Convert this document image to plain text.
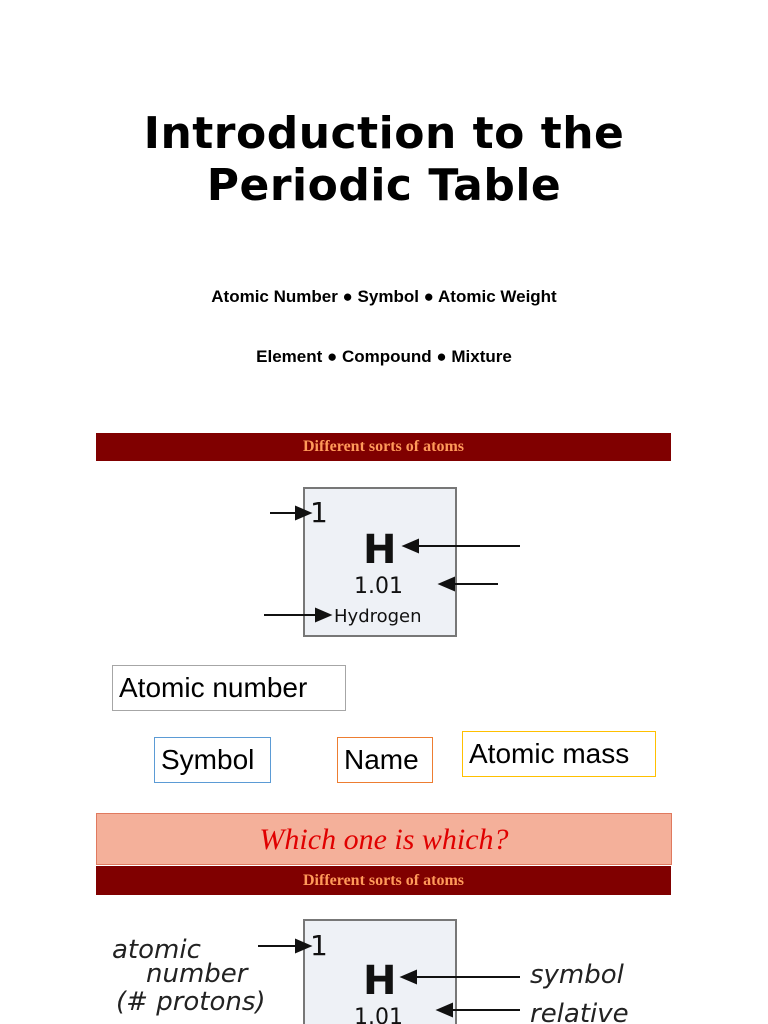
Introduction to the
Periodic Table
Atomic Number ● Symbol ● Atomic Weight
Element ● Compound ● Mixture
Different sorts of atoms
1
H
1.01
Hydrogen
Atomic number
Symbol	Name	Atomic mass
Which one is which?
Different sorts of atoms
1
H
1.01
atomic
number
(# protons)
symbol
relative
